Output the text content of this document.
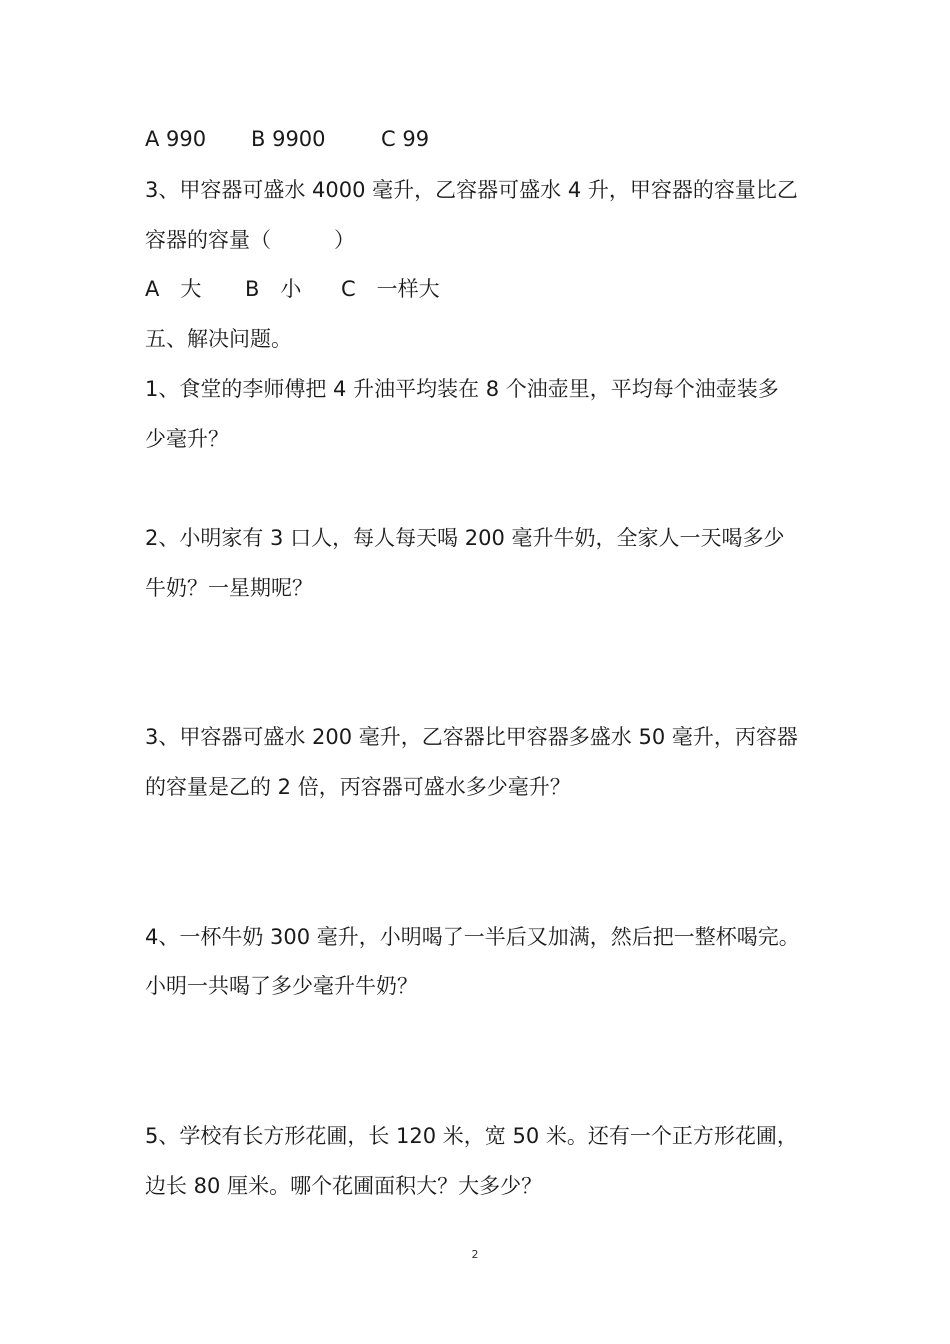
A 990 B 9900	C 99
3、甲容器可盛水 4000 毫升，乙容器可盛水 4 升，甲容器的容量比乙
容器的容量（　　　）
A　大 B　小 C　一样大
五、解决问题。
1、食堂的李师傅把 4 升油平均装在 8 个油壶里，平均每个油壶装多
少毫升？
2、小明家有 3 口人，每人每天喝 200 毫升牛奶，全家人一天喝多少
牛奶？一星期呢？
3、甲容器可盛水 200 毫升，乙容器比甲容器多盛水 50 毫升，丙容器
的容量是乙的 2 倍，丙容器可盛水多少毫升？
4、一杯牛奶 300 毫升，小明喝了一半后又加满，然后把一整杯喝完。
小明一共喝了多少毫升牛奶？
5、学校有长方形花圃，长 120 米，宽 50 米。还有一个正方形花圃，
边长 80 厘米。哪个花圃面积大？大多少？
2
